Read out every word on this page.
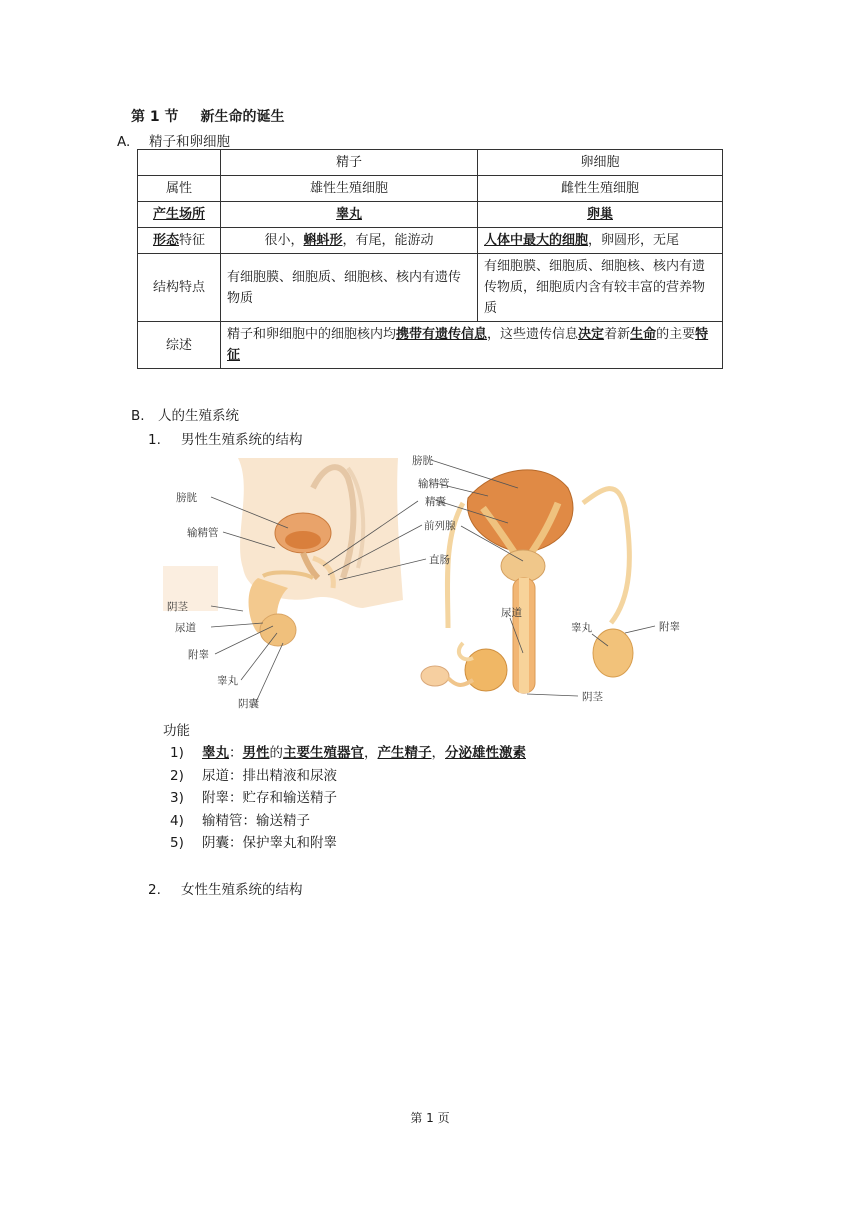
第 1 节 新生命的诞生
A. 精子和卵细胞
	精子	卵细胞
属性	雄性生殖细胞	雌性生殖细胞
产生场所	睾丸	卵巢
形态特征	很小，蝌蚪形，有尾，能游动	人体中最大的细胞，卵圆形，无尾
结构特点	有细胞膜、细胞质、细胞核、核内有遗传物质	有细胞膜、细胞质、细胞核、核内有遗传物质，细胞质内含有较丰富的营养物质
综述	精子和卵细胞中的细胞核内均携带有遗传信息，这些遗传信息决定着新生命的主要特征	
B. 人的生殖系统
1. 男性生殖系统的结构
膀胱
输精管
阴茎
尿道
附睾
睾丸
阴囊
精囊
前列腺
直肠
膀胱
输精管
尿道
睾丸	附睾
阴茎
功能
1)	睾丸：男性的主要生殖器官，产生精子，分泌雄性激素
2)	尿道：排出精液和尿液
3)	附睾：贮存和输送精子
4)	输精管：输送精子
5)	阴囊：保护睾丸和附睾
2. 女性生殖系统的结构
第 1 页
